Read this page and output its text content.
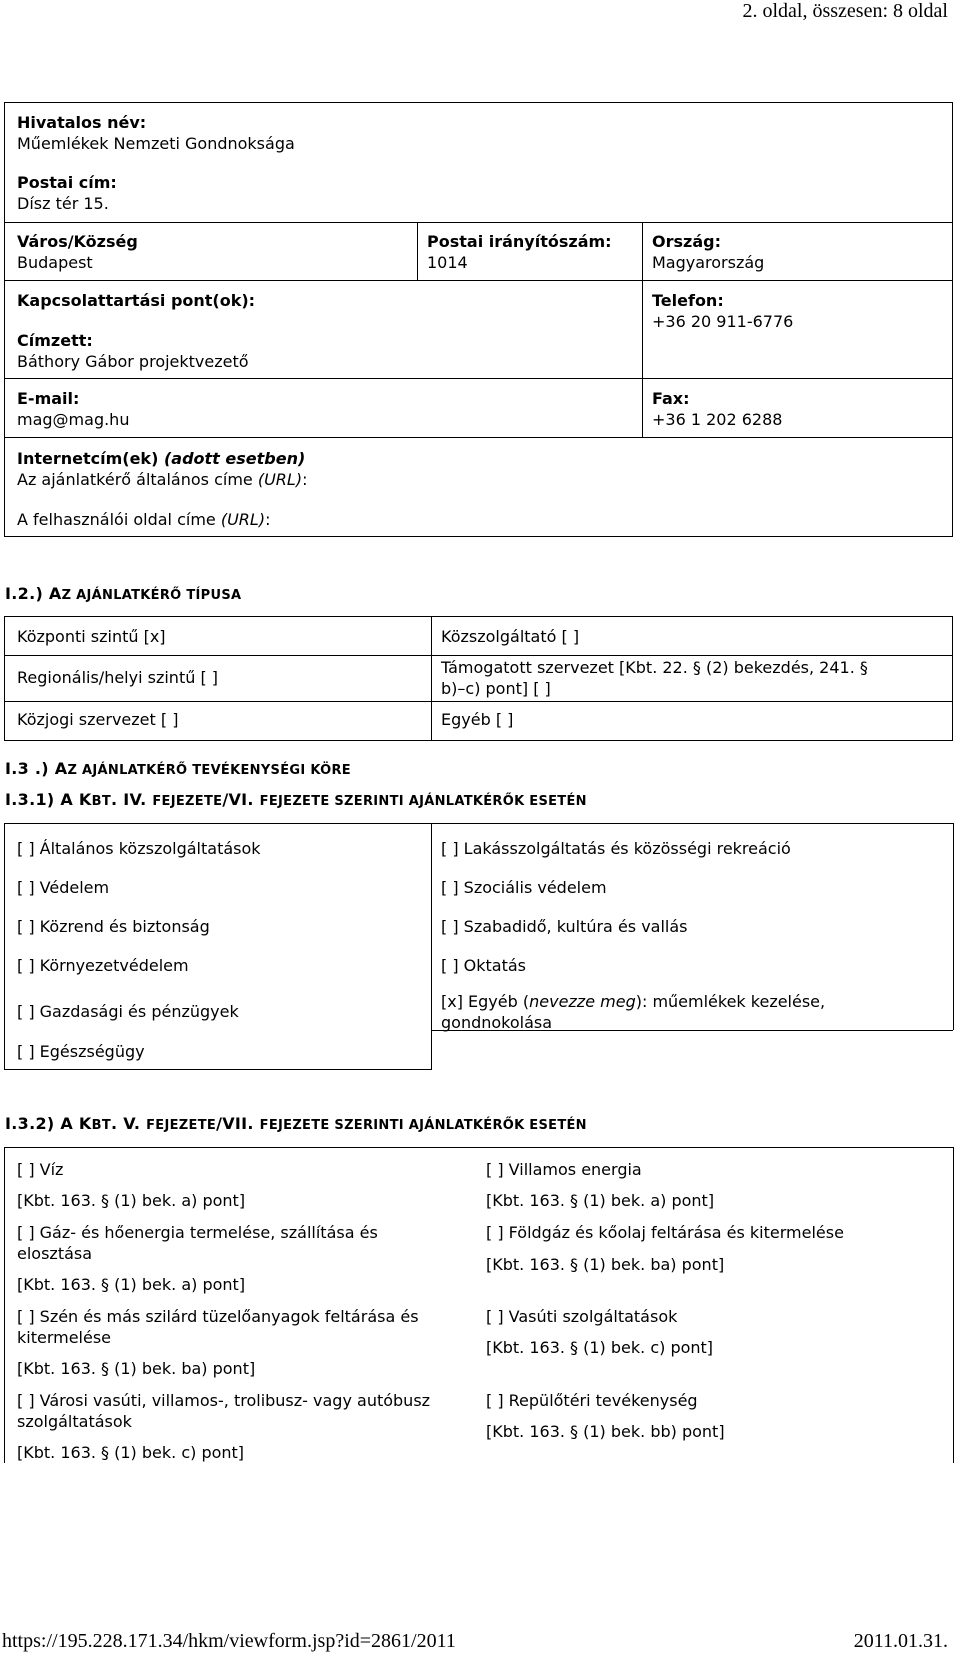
2. oldal, összesen: 8 oldal
Hivatalos név:
Műemlékek Nemzeti Gondnoksága
Postai cím:
Dísz tér 15.
Város/Község
Budapest
Postai irányítószám:
1014
Ország:
Magyarország
Kapcsolattartási pont(ok):
Címzett:
Báthory Gábor projektvezető
Telefon:
+36 20 911-6776
E-mail:
mag@mag.hu
Fax:
+36 1 202 6288
Internetcím(ek) (adott esetben)
Az ajánlatkérő általános címe (URL):
A felhasználói oldal címe (URL):
I.2.) AZ AJÁNLATKÉRŐ TÍPUSA
Központi szintű [x]
Regionális/helyi szintű [ ]
Közjogi szervezet [ ]
Közszolgáltató [ ]
Támogatott szervezet [Kbt. 22. § (2) bekezdés, 241. § b)–c) pont] [ ]
Egyéb [ ]
I.3 .) AZ AJÁNLATKÉRŐ TEVÉKENYSÉGI KÖRE
I.3.1) A KBT. IV. FEJEZETE/VI. FEJEZETE SZERINTI AJÁNLATKÉRŐK ESETÉN
[ ] Általános közszolgáltatások
[ ] Védelem
[ ] Közrend és biztonság
[ ] Környezetvédelem
[ ] Gazdasági és pénzügyek
[ ] Egészségügy
[ ] Lakásszolgáltatás és közösségi rekreáció
[ ] Szociális védelem
[ ] Szabadidő, kultúra és vallás
[ ] Oktatás
[x] Egyéb (nevezze meg): műemlékek kezelése, gondnokolása
I.3.2) A KBT. V. FEJEZETE/VII. FEJEZETE SZERINTI AJÁNLATKÉRŐK ESETÉN
[ ] Víz
[Kbt. 163. § (1) bek. a) pont]
[ ] Gáz- és hőenergia termelése, szállítása és elosztása
[Kbt. 163. § (1) bek. a) pont]
[ ] Szén és más szilárd tüzelőanyagok feltárása és kitermelése
[Kbt. 163. § (1) bek. ba) pont]
[ ] Városi vasúti, villamos-, trolibusz- vagy autóbusz szolgáltatások
[Kbt. 163. § (1) bek. c) pont]
[ ] Villamos energia
[Kbt. 163. § (1) bek. a) pont]
[ ] Földgáz és kőolaj feltárása és kitermelése
[Kbt. 163. § (1) bek. ba) pont]
[ ] Vasúti szolgáltatások
[Kbt. 163. § (1) bek. c) pont]
[ ] Repülőtéri tevékenység
[Kbt. 163. § (1) bek. bb) pont]
https://195.228.171.34/hkm/viewform.jsp?id=2861/2011	2011.01.31.
